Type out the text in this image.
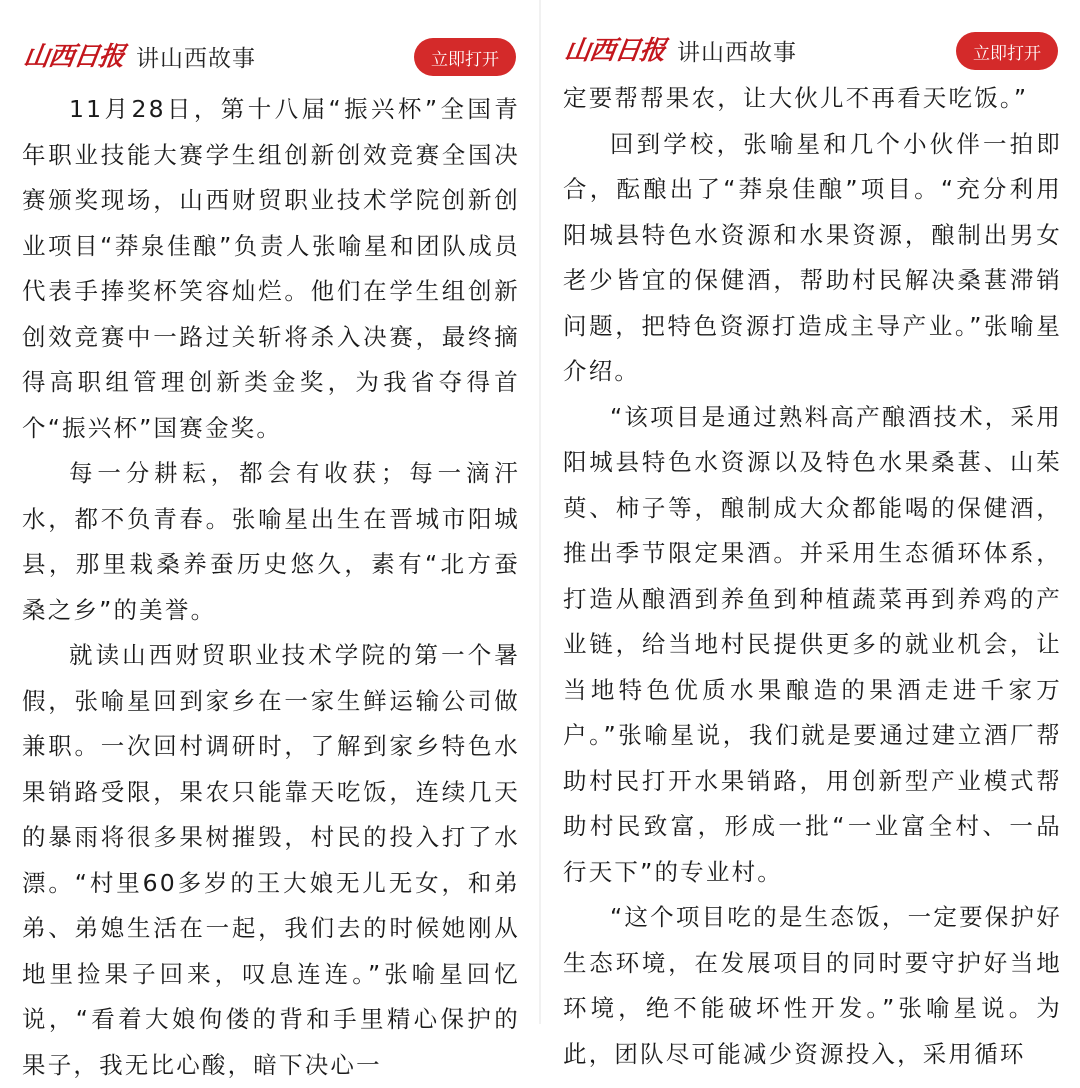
山西日报 讲山西故事	立即打开

11月28日，第十八届“振兴杯”全国青年职业技能大赛学生组创新创效竞赛全国决赛颁奖现场，山西财贸职业技术学院创新创业项目“莽泉佳酿”负责人张喻星和团队成员代表手捧奖杯笑容灿烂。他们在学生组创新创效竞赛中一路过关斩将杀入决赛，最终摘得高职组管理创新类金奖，为我省夺得首个“振兴杯”国赛金奖。

每一分耕耘，都会有收获；每一滴汗水，都不负青春。张喻星出生在晋城市阳城县，那里栽桑养蚕历史悠久，素有“北方蚕桑之乡”的美誉。

就读山西财贸职业技术学院的第一个暑假，张喻星回到家乡在一家生鲜运输公司做兼职。一次回村调研时，了解到家乡特色水果销路受限，果农只能靠天吃饭，连续几天的暴雨将很多果树摧毁，村民的投入打了水漂。“村里60多岁的王大娘无儿无女，和弟弟、弟媳生活在一起，我们去的时候她刚从地里捡果子回来，叹息连连。”张喻星回忆说，“看着大娘佝偻的背和手里精心保护的果子，我无比心酸，暗下决心一

山西日报 讲山西故事	立即打开

定要帮帮果农，让大伙儿不再看天吃饭。”

回到学校，张喻星和几个小伙伴一拍即合，酝酿出了“莽泉佳酿”项目。“充分利用阳城县特色水资源和水果资源，酿制出男女老少皆宜的保健酒，帮助村民解决桑葚滞销问题，把特色资源打造成主导产业。”张喻星介绍。

“该项目是通过熟料高产酿酒技术，采用阳城县特色水资源以及特色水果桑葚、山茱萸、柿子等，酿制成大众都能喝的保健酒，推出季节限定果酒。并采用生态循环体系，打造从酿酒到养鱼到种植蔬菜再到养鸡的产业链，给当地村民提供更多的就业机会，让当地特色优质水果酿造的果酒走进千家万户。”张喻星说，我们就是要通过建立酒厂帮助村民打开水果销路，用创新型产业模式帮助村民致富，形成一批“一业富全村、一品行天下”的专业村。

“这个项目吃的是生态饭，一定要保护好生态环境，在发展项目的同时要守护好当地环境，绝不能破坏性开发。”张喻星说。为此，团队尽可能减少资源投入，采用循环
